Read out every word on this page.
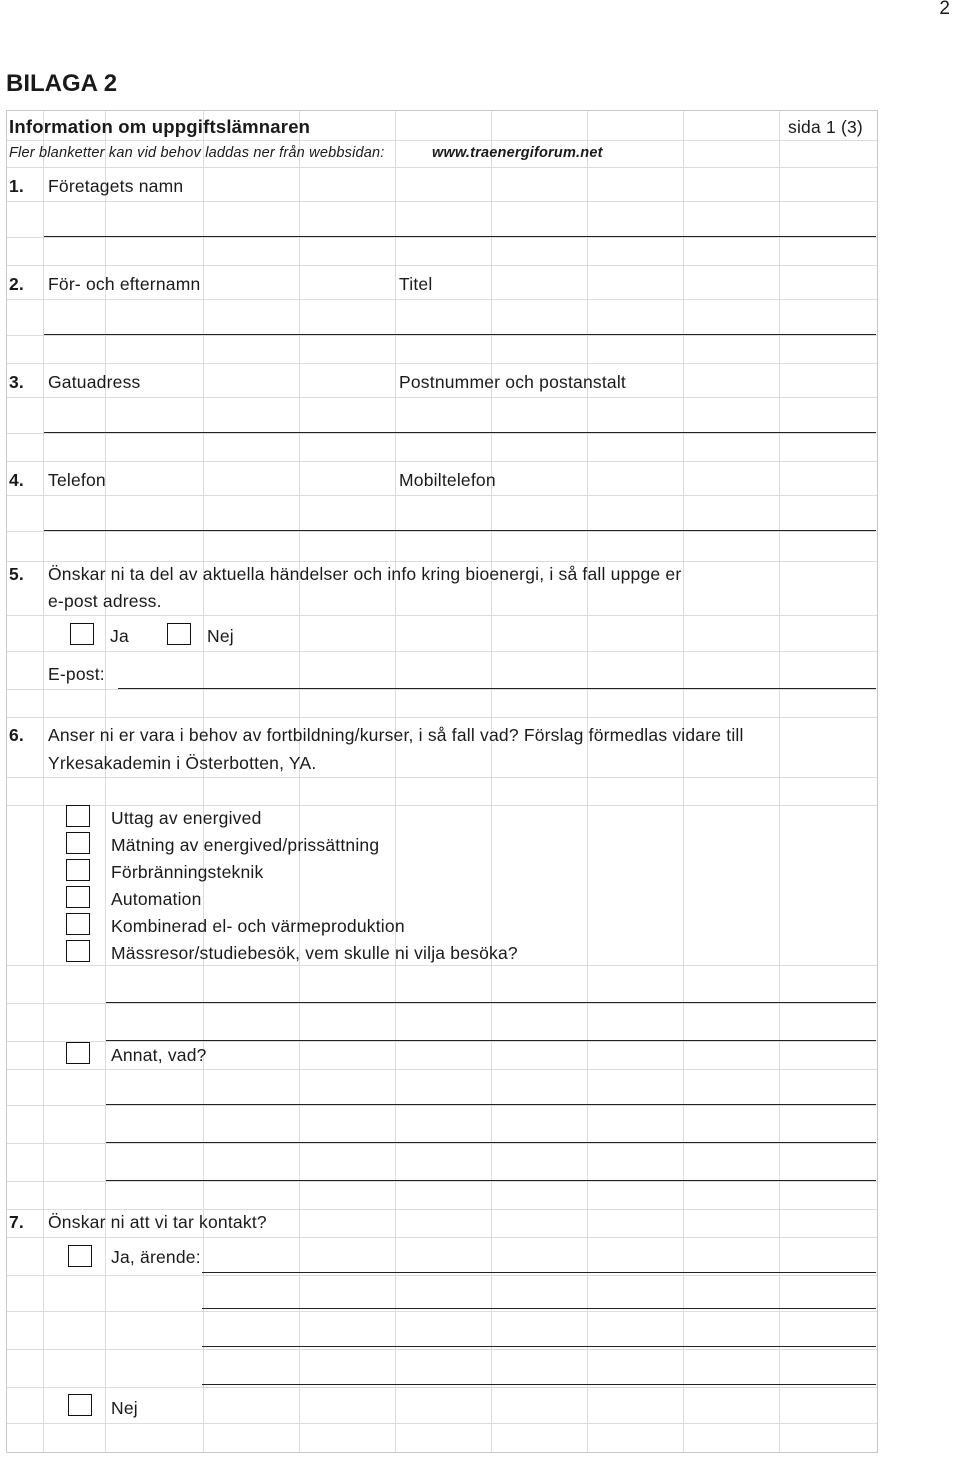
2
BILAGA 2
Information om uppgiftslämnaren	sida 1 (3)
Fler blanketter kan vid behov laddas ner från webbsidan:	www.traenergiforum.net
1. Företagets namn
2. För- och efternamn	Titel
3. Gatuadress	Postnummer och postanstalt
4. Telefon	Mobiltelefon
5. Önskar ni ta del av aktuella händelser och info kring bioenergi, i så fall uppge er
e-post adress.
Ja	Nej
E-post:
6. Anser ni er vara i behov av fortbildning/kurser, i så fall vad? Förslag förmedlas vidare till
Yrkesakademin i Österbotten, YA.
Uttag av energived
Mätning av energived/prissättning
Förbränningsteknik
Automation
Kombinerad el- och värmeproduktion
Mässresor/studiebesök, vem skulle ni vilja besöka?
Annat, vad?
7. Önskar ni att vi tar kontakt?
Ja, ärende:
Nej
